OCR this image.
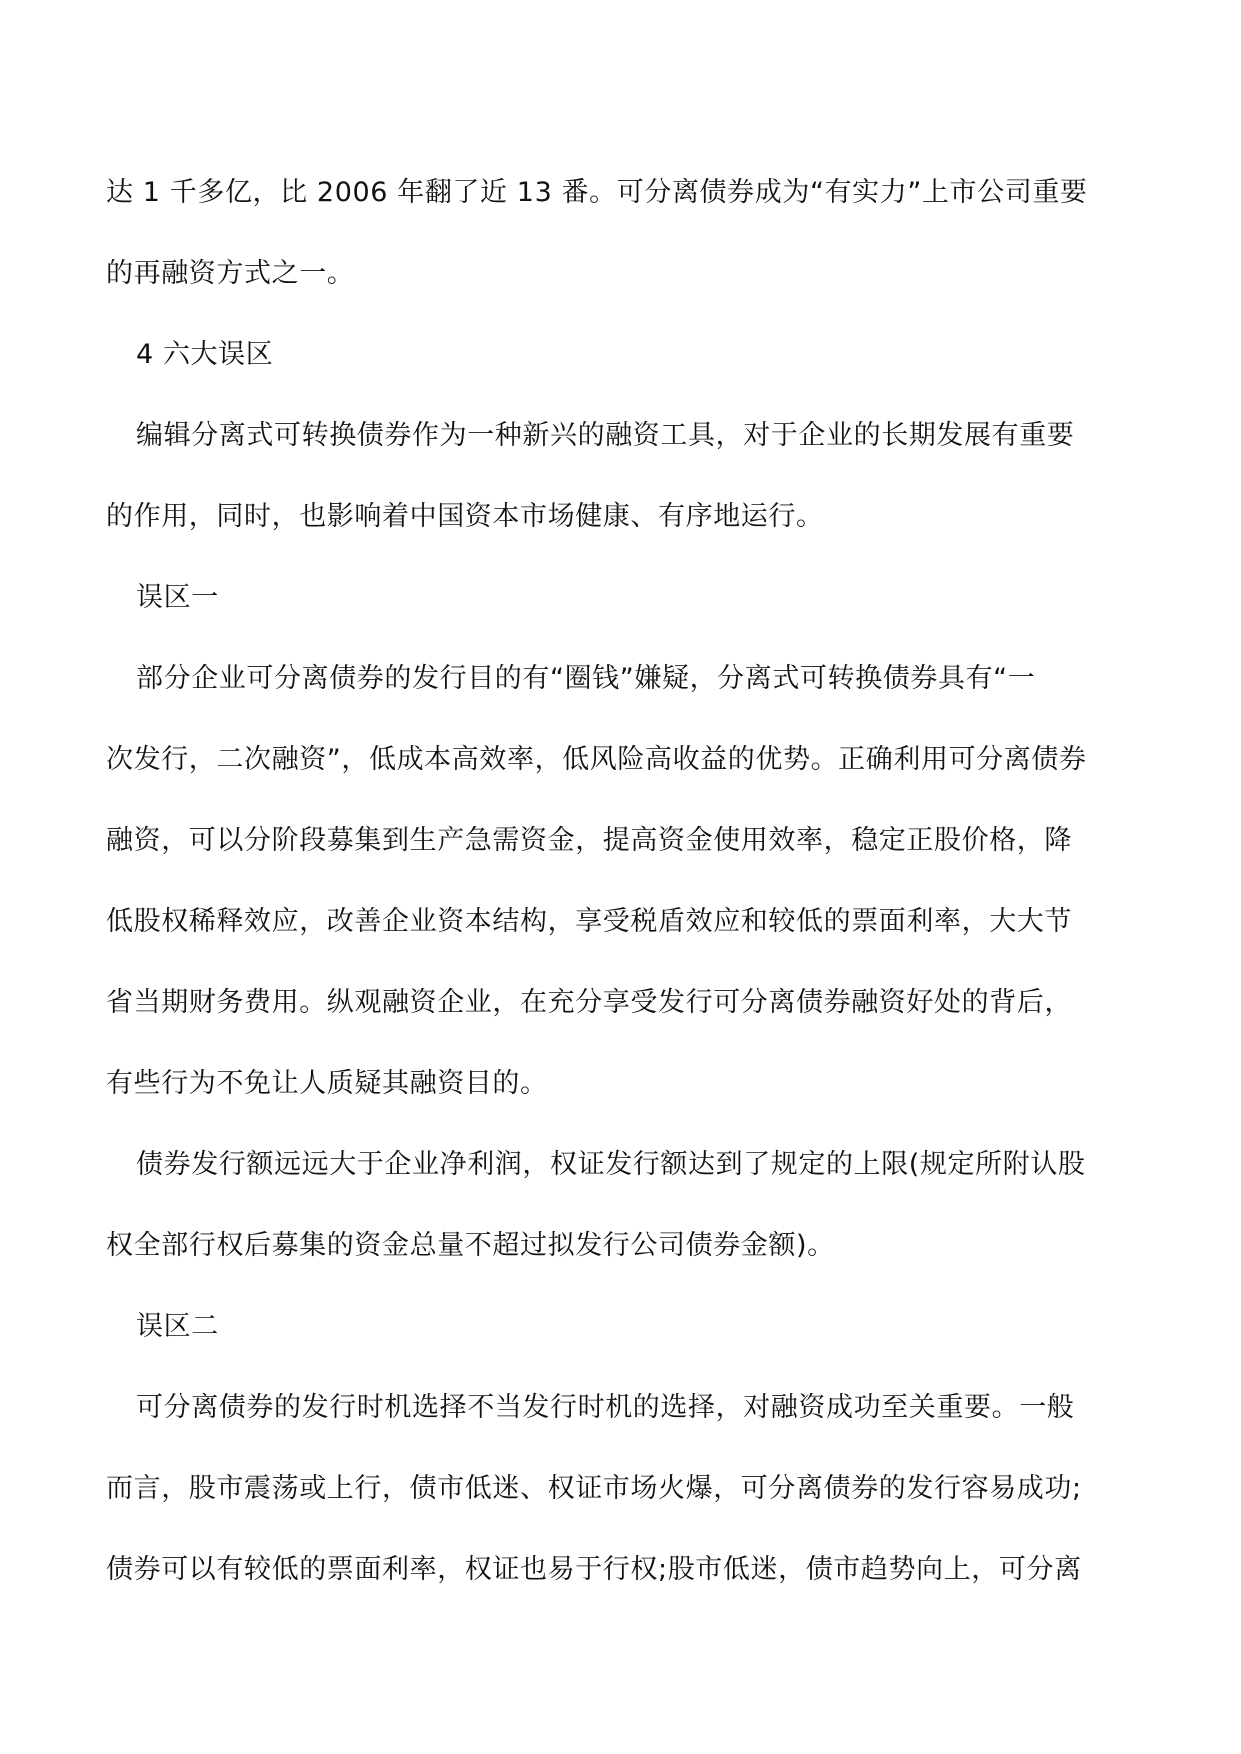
达 1 千多亿，比 2006 年翻了近 13 番。可分离债券成为“有实力”上市公司重要
的再融资方式之一。
4 六大误区
编辑分离式可转换债券作为一种新兴的融资工具，对于企业的长期发展有重要
的作用，同时，也影响着中国资本市场健康、有序地运行。
误区一
部分企业可分离债券的发行目的有“圈钱”嫌疑，分离式可转换债券具有“一
次发行，二次融资”，低成本高效率，低风险高收益的优势。正确利用可分离债券
融资，可以分阶段募集到生产急需资金，提高资金使用效率，稳定正股价格，降
低股权稀释效应，改善企业资本结构，享受税盾效应和较低的票面利率，大大节
省当期财务费用。纵观融资企业，在充分享受发行可分离债券融资好处的背后，
有些行为不免让人质疑其融资目的。
债券发行额远远大于企业净利润，权证发行额达到了规定的上限(规定所附认股
权全部行权后募集的资金总量不超过拟发行公司债券金额)。
误区二
可分离债券的发行时机选择不当发行时机的选择，对融资成功至关重要。一般
而言，股市震荡或上行，债市低迷、权证市场火爆，可分离债券的发行容易成功;
债券可以有较低的票面利率，权证也易于行权;股市低迷，债市趋势向上，可分离
